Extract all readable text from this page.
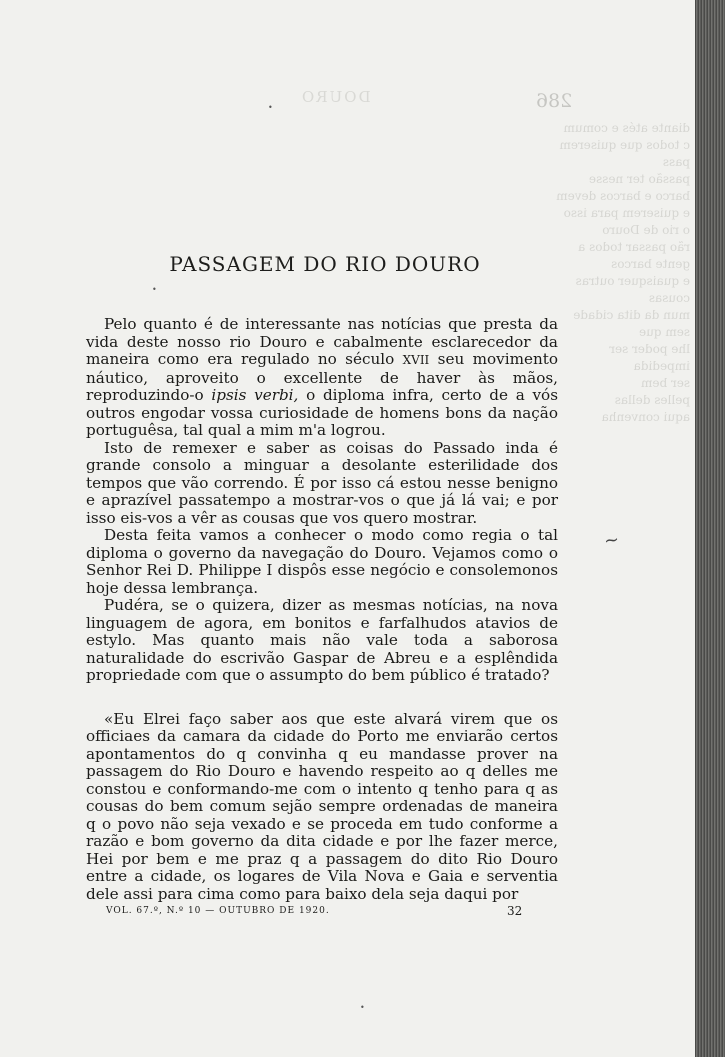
286
DOURO
diante atés e comum c todos que quiserem pass
passão ter nesse barco e barcos devem
e quiserem para isso o rio de Douro
rão passar todos a gente barcos
e quaisquer outras cousas
mun da dita cidade sem que
lhe poder ser impedida
ser bem
pelles dellas
aqui convenha
PASSAGEM DO RIO DOURO

Pelo quanto é de interessante nas notícias que presta da vida deste nosso rio Douro e cabalmente esclarecedor da maneira como era regulado no século XVII seu movimento náutico, aproveito o excellente de haver às mãos, reproduzindo-o ipsis verbi, o diploma infra, certo de a vós outros engodar vossa curiosidade de homens bons da nação portuguêsa, tal qual a mim m'a logrou.

Isto de remexer e saber as coisas do Passado inda é grande consolo a minguar a desolante esterilidade dos tempos que vão correndo. É por isso cá estou nesse benigno e aprazível passatempo a mostrar-vos o que já lá vai; e por isso eis-vos a vêr as cousas que vos quero mostrar.

Desta feita vamos a conhecer o modo como regia o tal diploma o governo da navegação do Douro. Vejamos como o Senhor Rei D. Philippe I dispôs esse negócio e consolemonos hoje dessa lembrança.

Pudéra, se o quizera, dizer as mesmas notícias, na nova linguagem de agora, em bonitos e farfalhudos atavios de estylo. Mas quanto mais não vale toda a saborosa naturalidade do escrivão Gaspar de Abreu e a esplêndida propriedade com que o assumpto do bem público é tratado?

«Eu Elrei faço saber aos que este alvará virem que os officiaes da camara da cidade do Porto me enviarão certos apontamentos do q convinha q eu mandasse prover na passagem do Rio Douro e havendo respeito ao q delles me constou e conformando-me com o intento q tenho para q as cousas do bem comum sejão sempre ordenadas de maneira q o povo não seja vexado e se proceda em tudo conforme a razão e bom governo da dita cidade e por lhe fazer merce, Hei por bem e me praz q a passagem do dito Rio Douro entre a cidade, os logares de Vila Nova e Gaia e serventia dele assi para cima como para baixo dela seja daqui por

VOL. 67.º, N.º 10 — OUTUBRO DE 1920.	32
~
•
•
•
